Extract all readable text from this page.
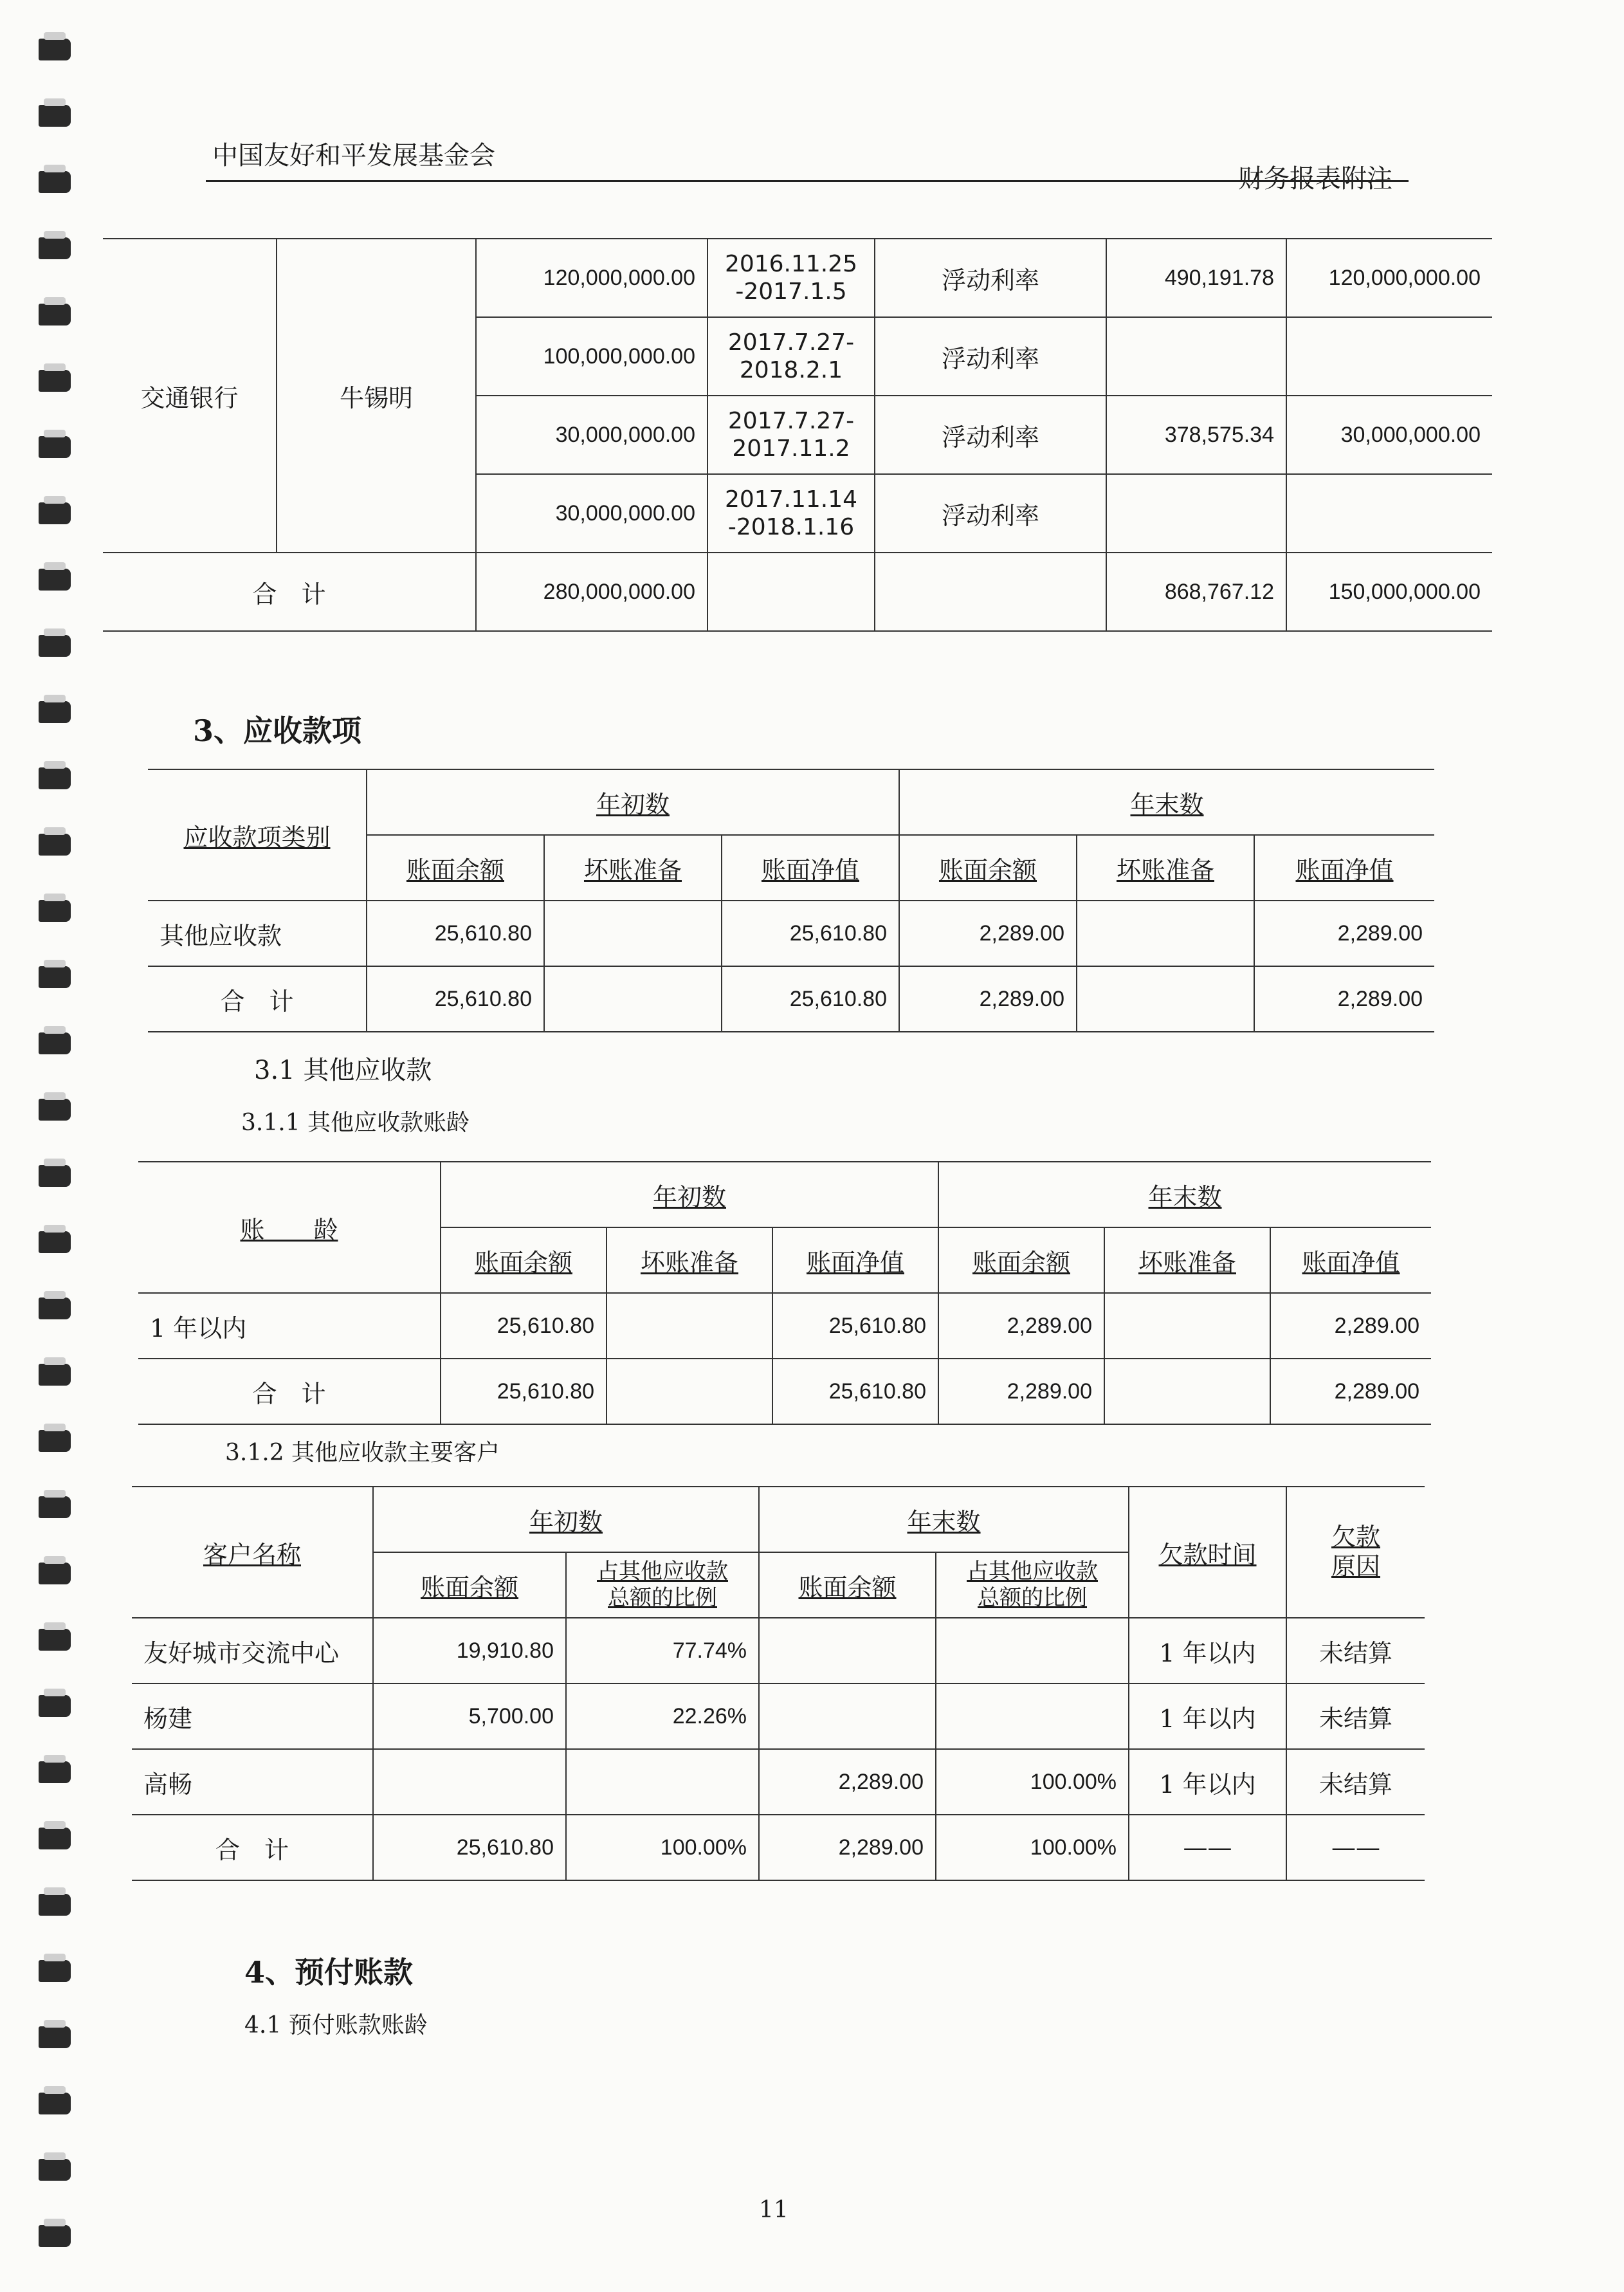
中国友好和平发展基金会
财务报表附注
交通银行	牛锡明	120,000,000.00	2016.11.25
-2017.1.5	浮动利率	490,191.78	120,000,000.00
		100,000,000.00	2017.7.27-
2018.2.1	浮动利率		
		30,000,000.00	2017.7.27-
2017.11.2	浮动利率	378,575.34	30,000,000.00
		30,000,000.00	2017.11.14
-2018.1.16	浮动利率		
合　计		280,000,000.00			868,767.12	150,000,000.00
3、应收款项
应收款项类别	年初数			年末数		
	账面余额	坏账准备	账面净值	账面余额	坏账准备	账面净值
其他应收款	25,610.80		25,610.80	2,289.00		2,289.00
合　计	25,610.80		25,610.80	2,289.00		2,289.00
3.1 其他应收款
3.1.1 其他应收款账龄
账　　龄	年初数			年末数		
	账面余额	坏账准备	账面净值	账面余额	坏账准备	账面净值
1 年以内	25,610.80		25,610.80	2,289.00		2,289.00
合　计	25,610.80		25,610.80	2,289.00		2,289.00
3.1.2 其他应收款主要客户
客户名称	年初数		年末数		欠款时间	欠款
原因
	账面余额	占其他应收款
总额的比例	账面余额	占其他应收款
总额的比例		
友好城市交流中心	19,910.80	77.74%			1 年以内	未结算
杨建	5,700.00	22.26%			1 年以内	未结算
高畅			2,289.00	100.00%	1 年以内	未结算
合　计	25,610.80	100.00%	2,289.00	100.00%	——	——
4、预付账款
4.1 预付账款账龄
11
